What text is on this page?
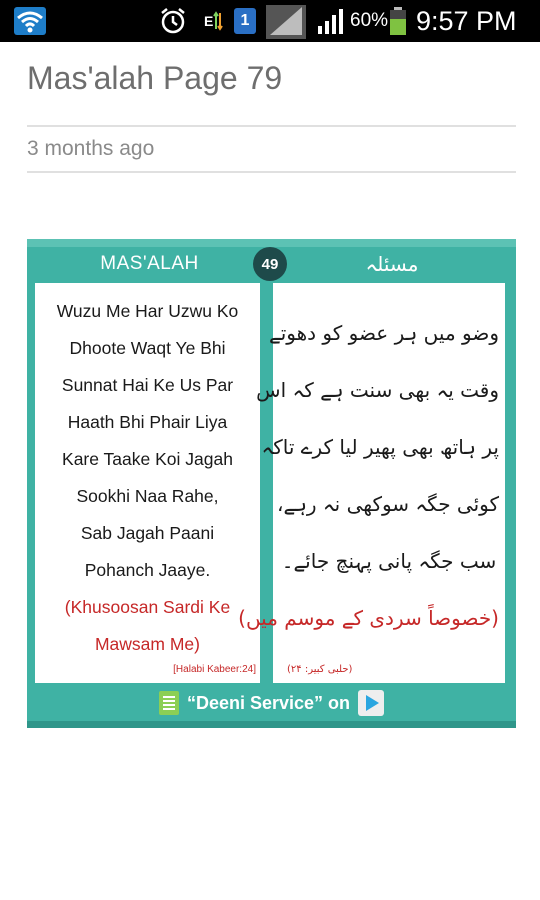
E 1	60% 9:57 PM
Mas'alah Page 79
3 months ago
MAS'ALAH	49	مسئلہ
Wuzu Me Har Uzwu Ko
Dhoote Waqt Ye Bhi
Sunnat Hai Ke Us Par
Haath Bhi Phair Liya
Kare Taake Koi Jagah
Sookhi Naa Rahe,
Sab Jagah Paani
Pohanch Jaaye.
(Khusoosan Sardi Ke
Mawsam Me)
[Halabi Kabeer:24]
وضو میں ہر عضو کو دھوتے
وقت یہ بھی سنت ہے کہ اس
پر ہاتھ بھی پھیر لیا کرے تاکہ
کوئی جگہ سوکھی نہ رہے،
سب جگہ پانی پہنچ جائے۔
(خصوصاً سردی کے موسم میں)
(حلبی کبیر: ۲۴)
“Deeni Service” on
